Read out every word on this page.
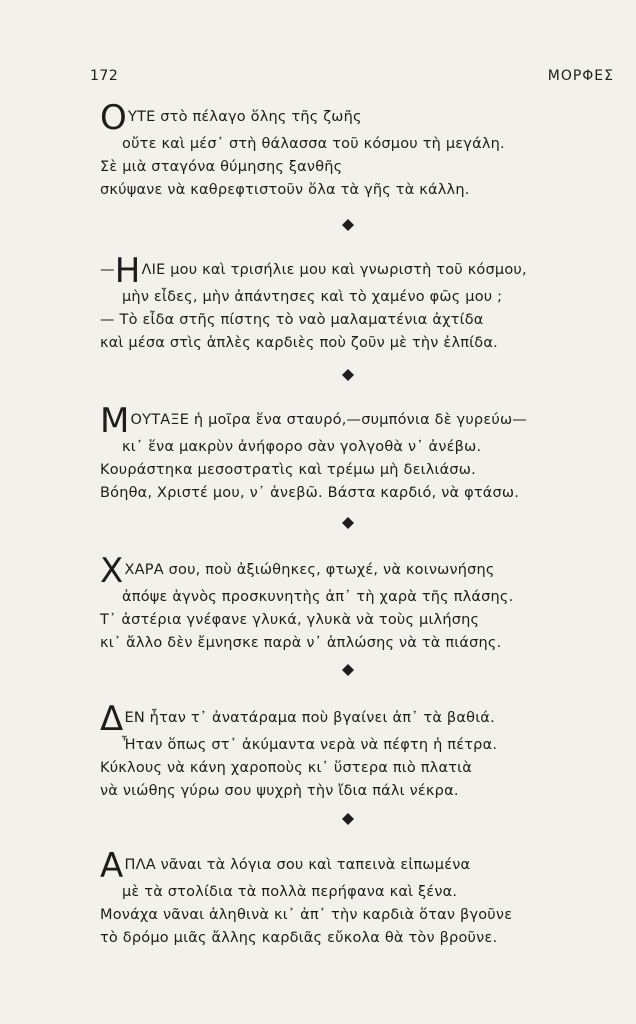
172	ΜΟΡΦΕΣ
ΟΥΤΕ στὸ πέλαγο ὅλης τῆς ζωῆς
οὔτε καὶ μέσ᾽ στὴ θάλασσα τοῦ κόσμου τὴ μεγάλη.
Σὲ μιὰ σταγόνα θύμησης ξανθῆς
σκύψανε νὰ καθρεφτιστοῦν ὅλα τὰ γῆς τὰ κάλλη.
—ΗΛΙΕ μου καὶ τρισήλιε μου καὶ γνωριστὴ τοῦ κόσμου,
μὴν εἶδες, μὴν ἀπάντησες καὶ τὸ χαμένο φῶς μου ;
— Τὸ εἶδα στῆς πίστης τὸ ναὸ μαλαματένια ἀχτίδα
καὶ μέσα στὶς ἁπλὲς καρδιὲς ποὺ ζοῦν μὲ τὴν ἐλπίδα.
ΜΟΥΤΑΞΕ ἡ μοῖρα ἕνα σταυρό,—συμπόνια δὲ γυρεύω—
κι᾽ ἕνα μακρὺν ἀνήφορο σὰν γολγοθὰ ν᾽ ἀνέβω.
Κουράστηκα μεσοστρατὶς καὶ τρέμω μὴ δειλιάσω.
Βόηθα, Χριστέ μου, ν᾽ ἀνεβῶ. Βάστα καρδιό, νὰ φτάσω.
ΧΧΑΡΑ σου, ποὺ ἀξιώθηκες, φτωχέ, νὰ κοινωνήσης
ἀπόψε ἁγνὸς προσκυνητὴς ἀπ᾽ τὴ χαρὰ τῆς πλάσης.
Τ᾽ ἀστέρια γνέφανε γλυκά, γλυκὰ νὰ τοὺς μιλήσης
κι᾽ ἄλλο δὲν ἔμνησκε παρὰ ν᾽ ἁπλώσης νὰ τὰ πιάσης.
ΔΕΝ ἦταν τ᾽ ἀνατάραμα ποὺ βγαίνει ἀπ᾽ τὰ βαθιά.
Ἦταν ὅπως στ᾽ ἀκύμαντα νερὰ νὰ πέφτη ἡ πέτρα.
Κύκλους νὰ κάνη χαροποὺς κι᾽ ὕστερα πιὸ πλατιὰ
νὰ νιώθης γύρω σου ψυχρὴ τὴν ἴδια πάλι νέκρα.
ΑΠΛΑ νᾶναι τὰ λόγια σου καὶ ταπεινὰ εἰπωμένα
μὲ τὰ στολίδια τὰ πολλὰ περήφανα καὶ ξένα.
Μονάχα νᾶναι ἀληθινὰ κι᾽ ἀπ᾽ τὴν καρδιὰ ὅταν βγοῦνε
τὸ δρόμο μιᾶς ἄλλης καρδιᾶς εὔκολα θὰ τὸν βροῦνε.
